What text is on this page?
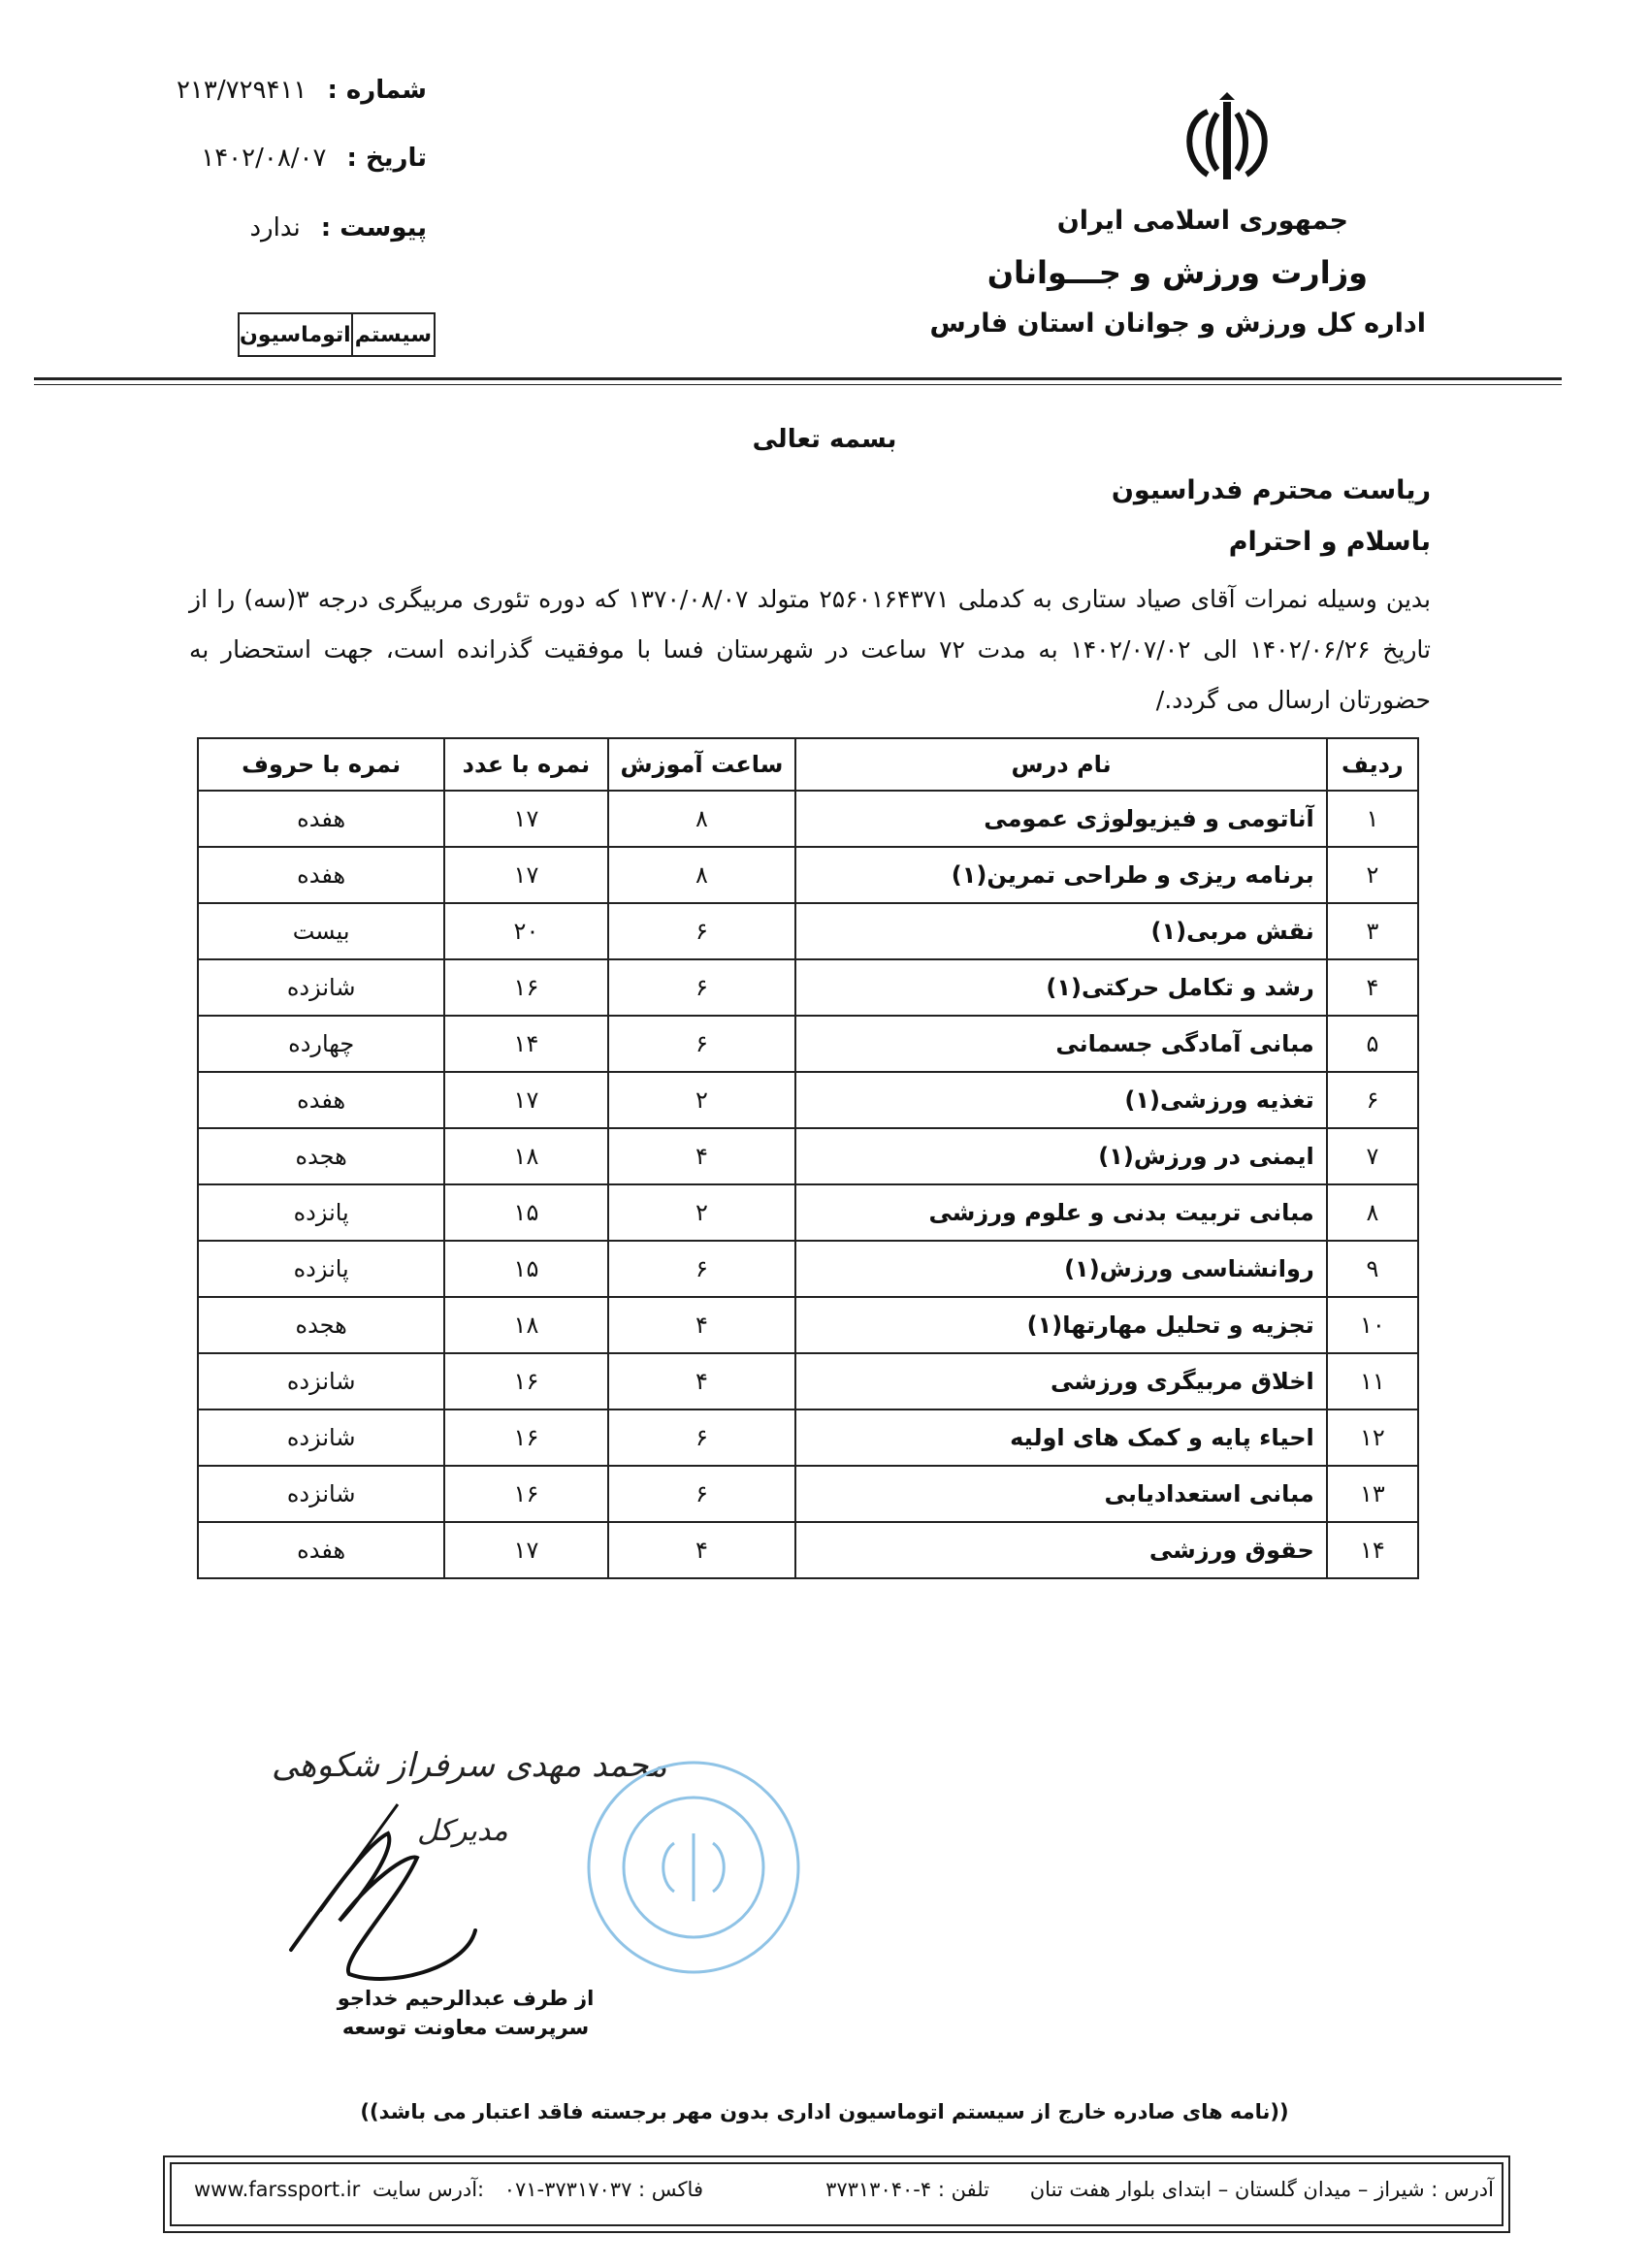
جمهوری اسلامی ایران
وزارت ورزش و جـــوانان
اداره کل ورزش و جوانان استان فارس
شماره : ۲۱۳/۷۲۹۴۱۱
تاریخ : ۱۴۰۲/۰۸/۰۷
پیوست : ندارد
سیستم
اتوماسیون
بسمه تعالی
ریاست محترم فدراسیون
باسلام و احترام
بدین وسیله نمرات آقای صیاد ستاری به کدملی ۲۵۶۰۱۶۴۳۷۱ متولد ۱۳۷۰/۰۸/۰۷ که دوره تئوری مربیگری درجه ۳(سه) را از تاریخ ۱۴۰۲/۰۶/۲۶ الی ۱۴۰۲/۰۷/۰۲ به مدت ۷۲ ساعت در شهرستان فسا با موفقیت گذرانده است، جهت استحضار به حضورتان ارسال می گردد./
ردیف	نام درس	ساعت آموزش	نمره با عدد	نمره با حروف
۱	آناتومی و فیزیولوژی عمومی	۸	۱۷	هفده
۲	برنامه ریزی و طراحی تمرین(۱)	۸	۱۷	هفده
۳	نقش مربی(۱)	۶	۲۰	بیست
۴	رشد و تکامل حرکتی(۱)	۶	۱۶	شانزده
۵	مبانی آمادگی جسمانی	۶	۱۴	چهارده
۶	تغذیه ورزشی(۱)	۲	۱۷	هفده
۷	ایمنی در ورزش(۱)	۴	۱۸	هجده
۸	مبانی تربیت بدنی و علوم ورزشی	۲	۱۵	پانزده
۹	روانشناسی ورزش(۱)	۶	۱۵	پانزده
۱۰	تجزیه و تحلیل مهارتها(۱)	۴	۱۸	هجده
۱۱	اخلاق مربیگری ورزشی	۴	۱۶	شانزده
۱۲	احیاء پایه و کمک های اولیه	۶	۱۶	شانزده
۱۳	مبانی استعدادیابی	۶	۱۶	شانزده
۱۴	حقوق ورزشی	۴	۱۷	هفده
محمد مهدی سرفراز شکوهی
مدیرکل
از طرف عبدالرحیم خداجو
سرپرست معاونت توسعه
((نامه های صادره خارج از سیستم اتوماسیون اداری بدون مهر برجسته فاقد اعتبار می باشد))
آدرس : شیراز – میدان گلستان – ابتدای بلوار هفت تنان
تلفن : ۴-۳۷۳۱۳۰۴۰
فاکس : ۳۷۳۱۷۰۳۷-۰۷۱
www.farssport.ir آدرس سایت:
